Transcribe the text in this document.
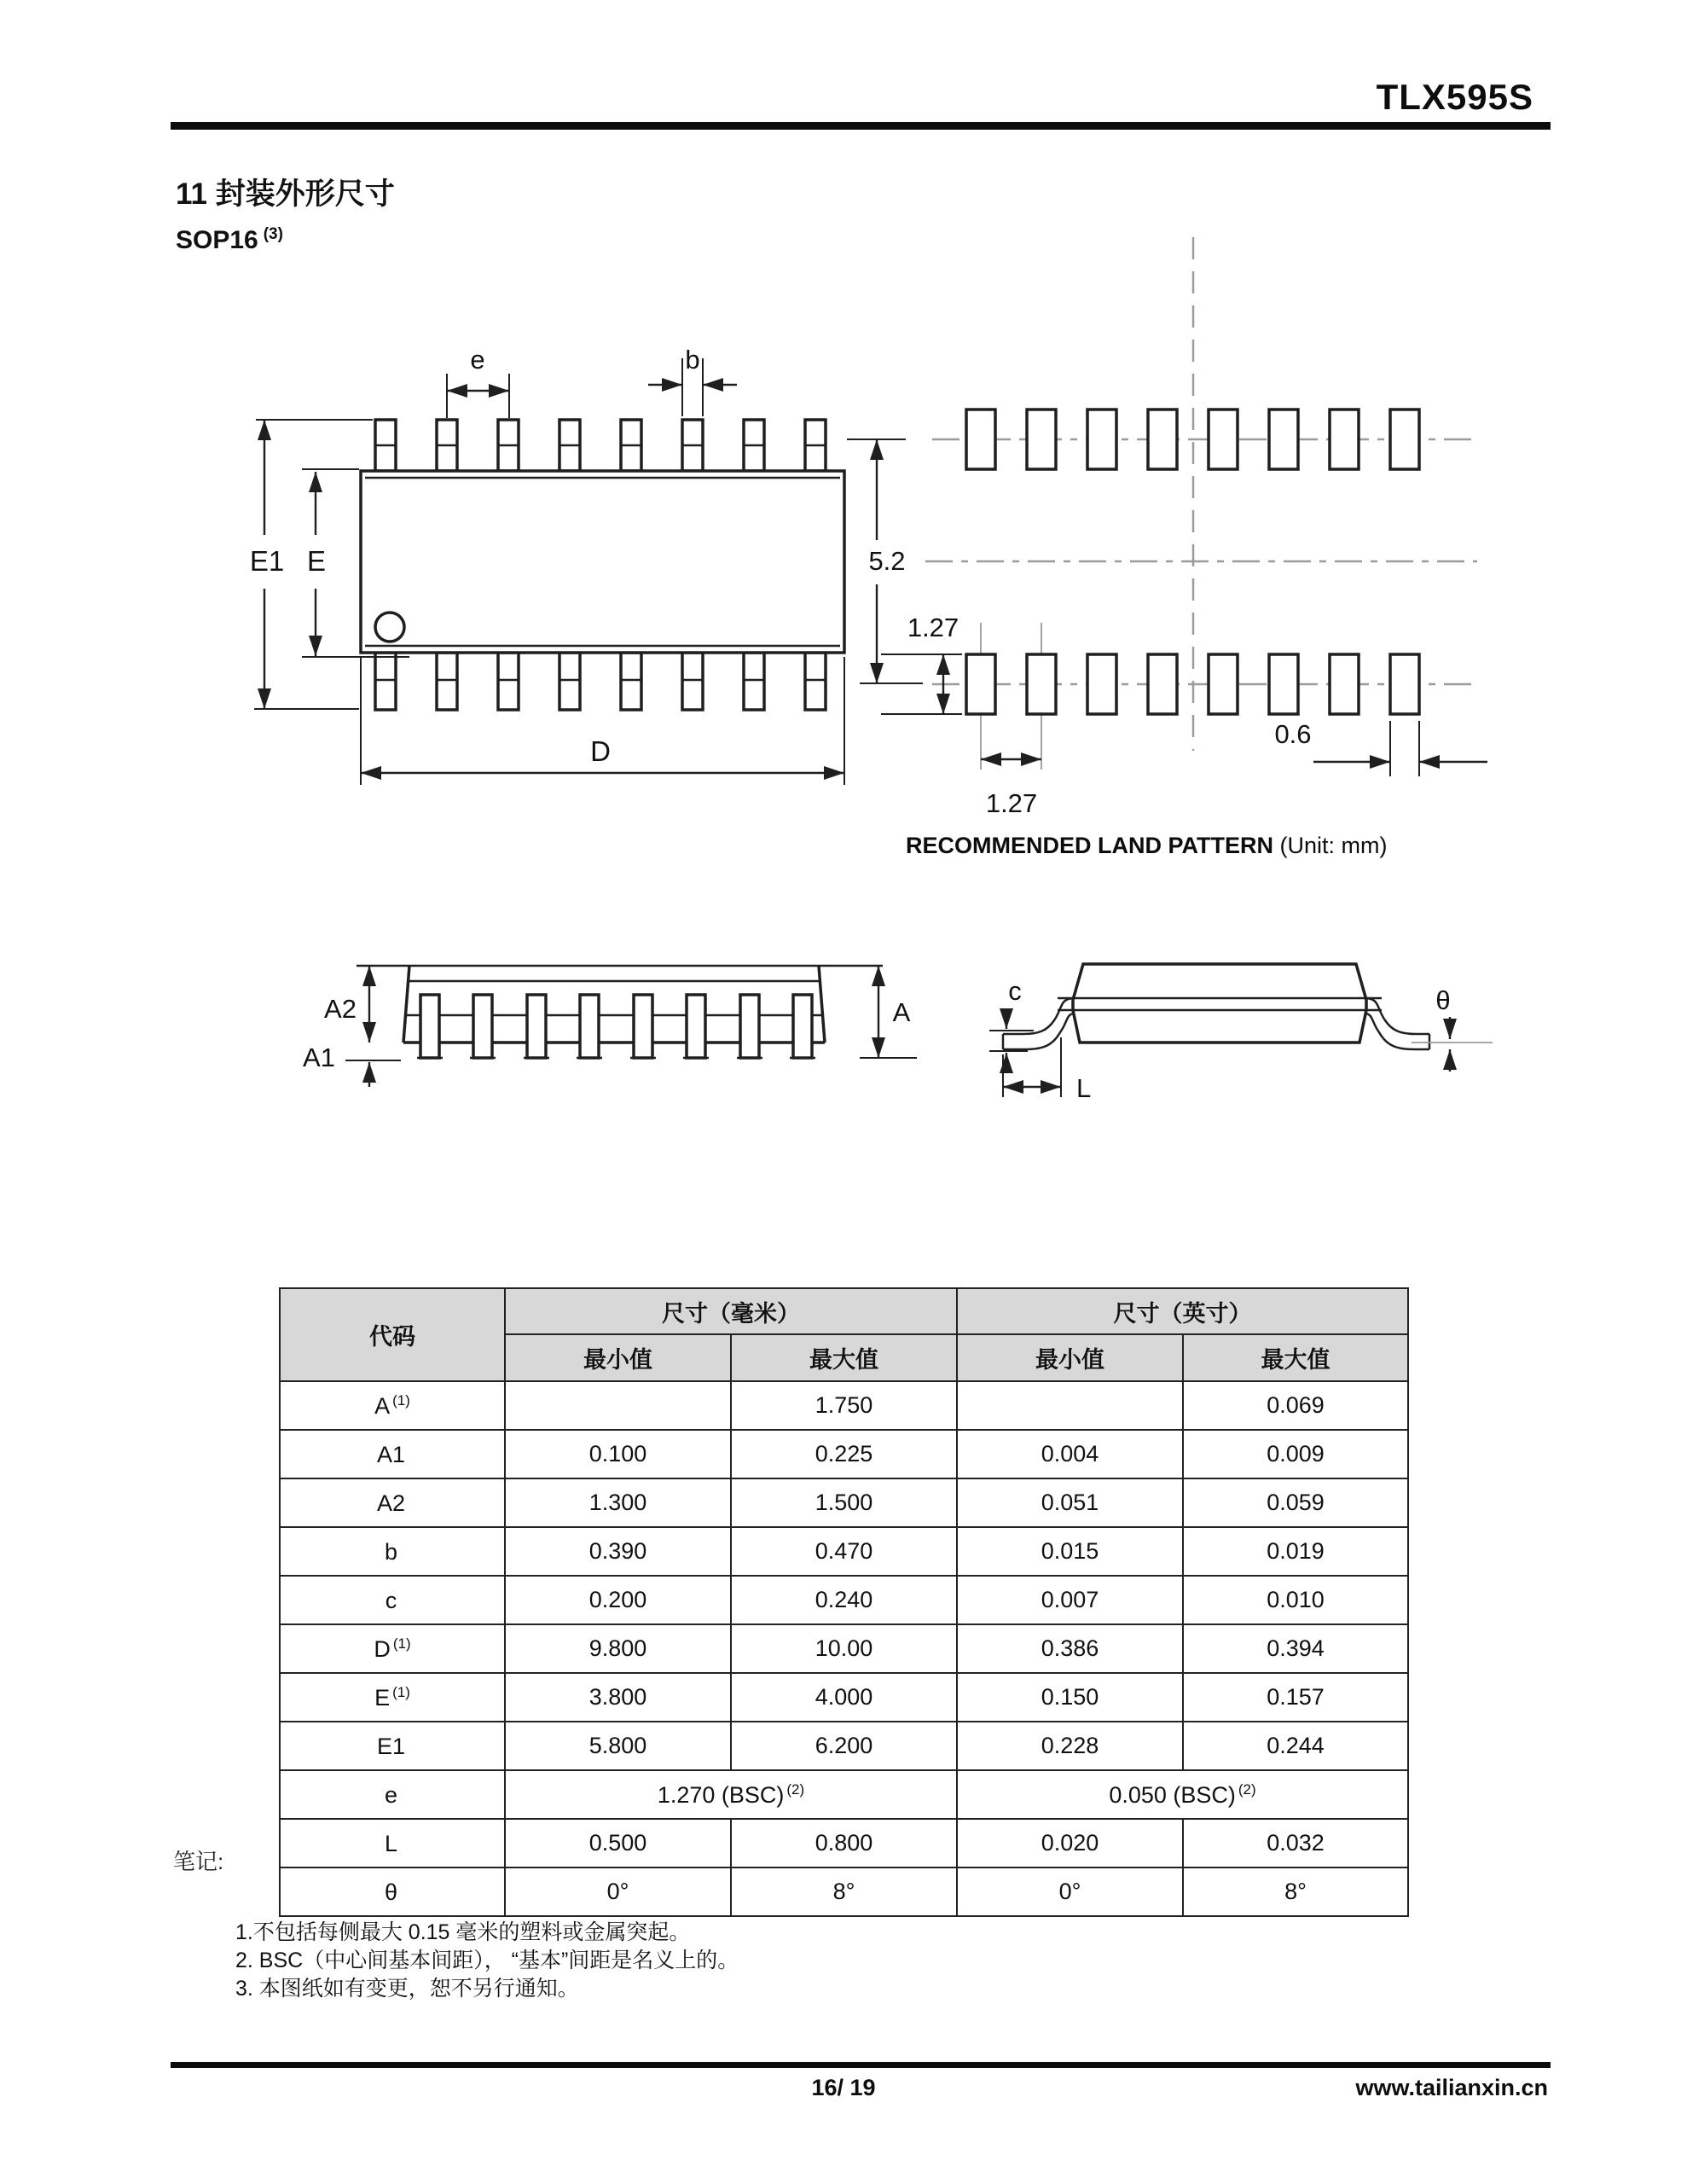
TLX595S
11 封装外形尺寸
SOP16 $^{(3)}$
E1 E
e	b
D
5.2
1.27
1.27
0.6
A2
A1
A
c
L
θ
RECOMMENDED LAND PATTERN (Unit: mm)
代码	尺寸（毫米）		尺寸（英寸）	
	最小值	最大值	最小值	最大值
A $^{(1)}$		1.750		0.069
A1	0.100	0.225	0.004	0.009
A2	1.300	1.500	0.051	0.059
b	0.390	0.470	0.015	0.019
c	0.200	0.240	0.007	0.010
D $^{(1)}$	9.800	10.00	0.386	0.394
E $^{(1)}$	3.800	4.000	0.150	0.157
E1	5.800	6.200	0.228	0.244
e	1.270 (BSC) $^{(2)}$		0.050 (BSC) $^{(2)}$
L	0.500	0.800	0.020	0.032
θ	0°	8°	0°	8°
笔记:
1.不包括每侧最大 0.15 毫米的塑料或金属突起。
2. BSC（中心间基本间距）， “基本”间距是名义上的。
3. 本图纸如有变更，恕不另行通知。
16/ 19	www.tailianxin.cn
